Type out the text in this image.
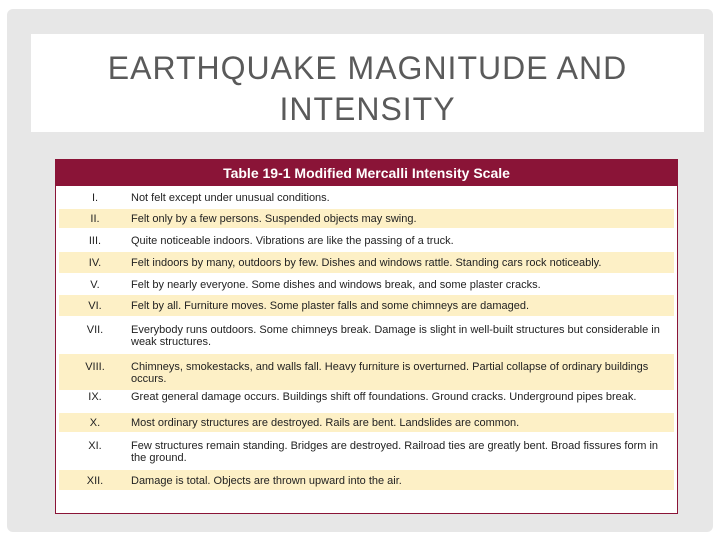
EARTHQUAKE MAGNITUDE AND INTENSITY
Table 19-1 Modified Mercalli Intensity Scale
I.	Not felt except under unusual conditions.
II.	Felt only by a few persons. Suspended objects may swing.
III.	Quite noticeable indoors. Vibrations are like the passing of a truck.
IV.	Felt indoors by many, outdoors by few. Dishes and windows rattle. Standing cars rock noticeably.
V.	Felt by nearly everyone. Some dishes and windows break, and some plaster cracks.
VI.	Felt by all. Furniture moves. Some plaster falls and some chimneys are damaged.
VII.	Everybody runs outdoors. Some chimneys break. Damage is slight in well-built structures but considerable in weak structures.
VIII.	Chimneys, smokestacks, and walls fall. Heavy furniture is overturned. Partial collapse of ordinary buildings occurs.
IX.	Great general damage occurs. Buildings shift off foundations. Ground cracks. Underground pipes break.
X.	Most ordinary structures are destroyed. Rails are bent. Landslides are common.
XI.	Few structures remain standing. Bridges are destroyed. Railroad ties are greatly bent. Broad fissures form in the ground.
XII.	Damage is total. Objects are thrown upward into the air.
